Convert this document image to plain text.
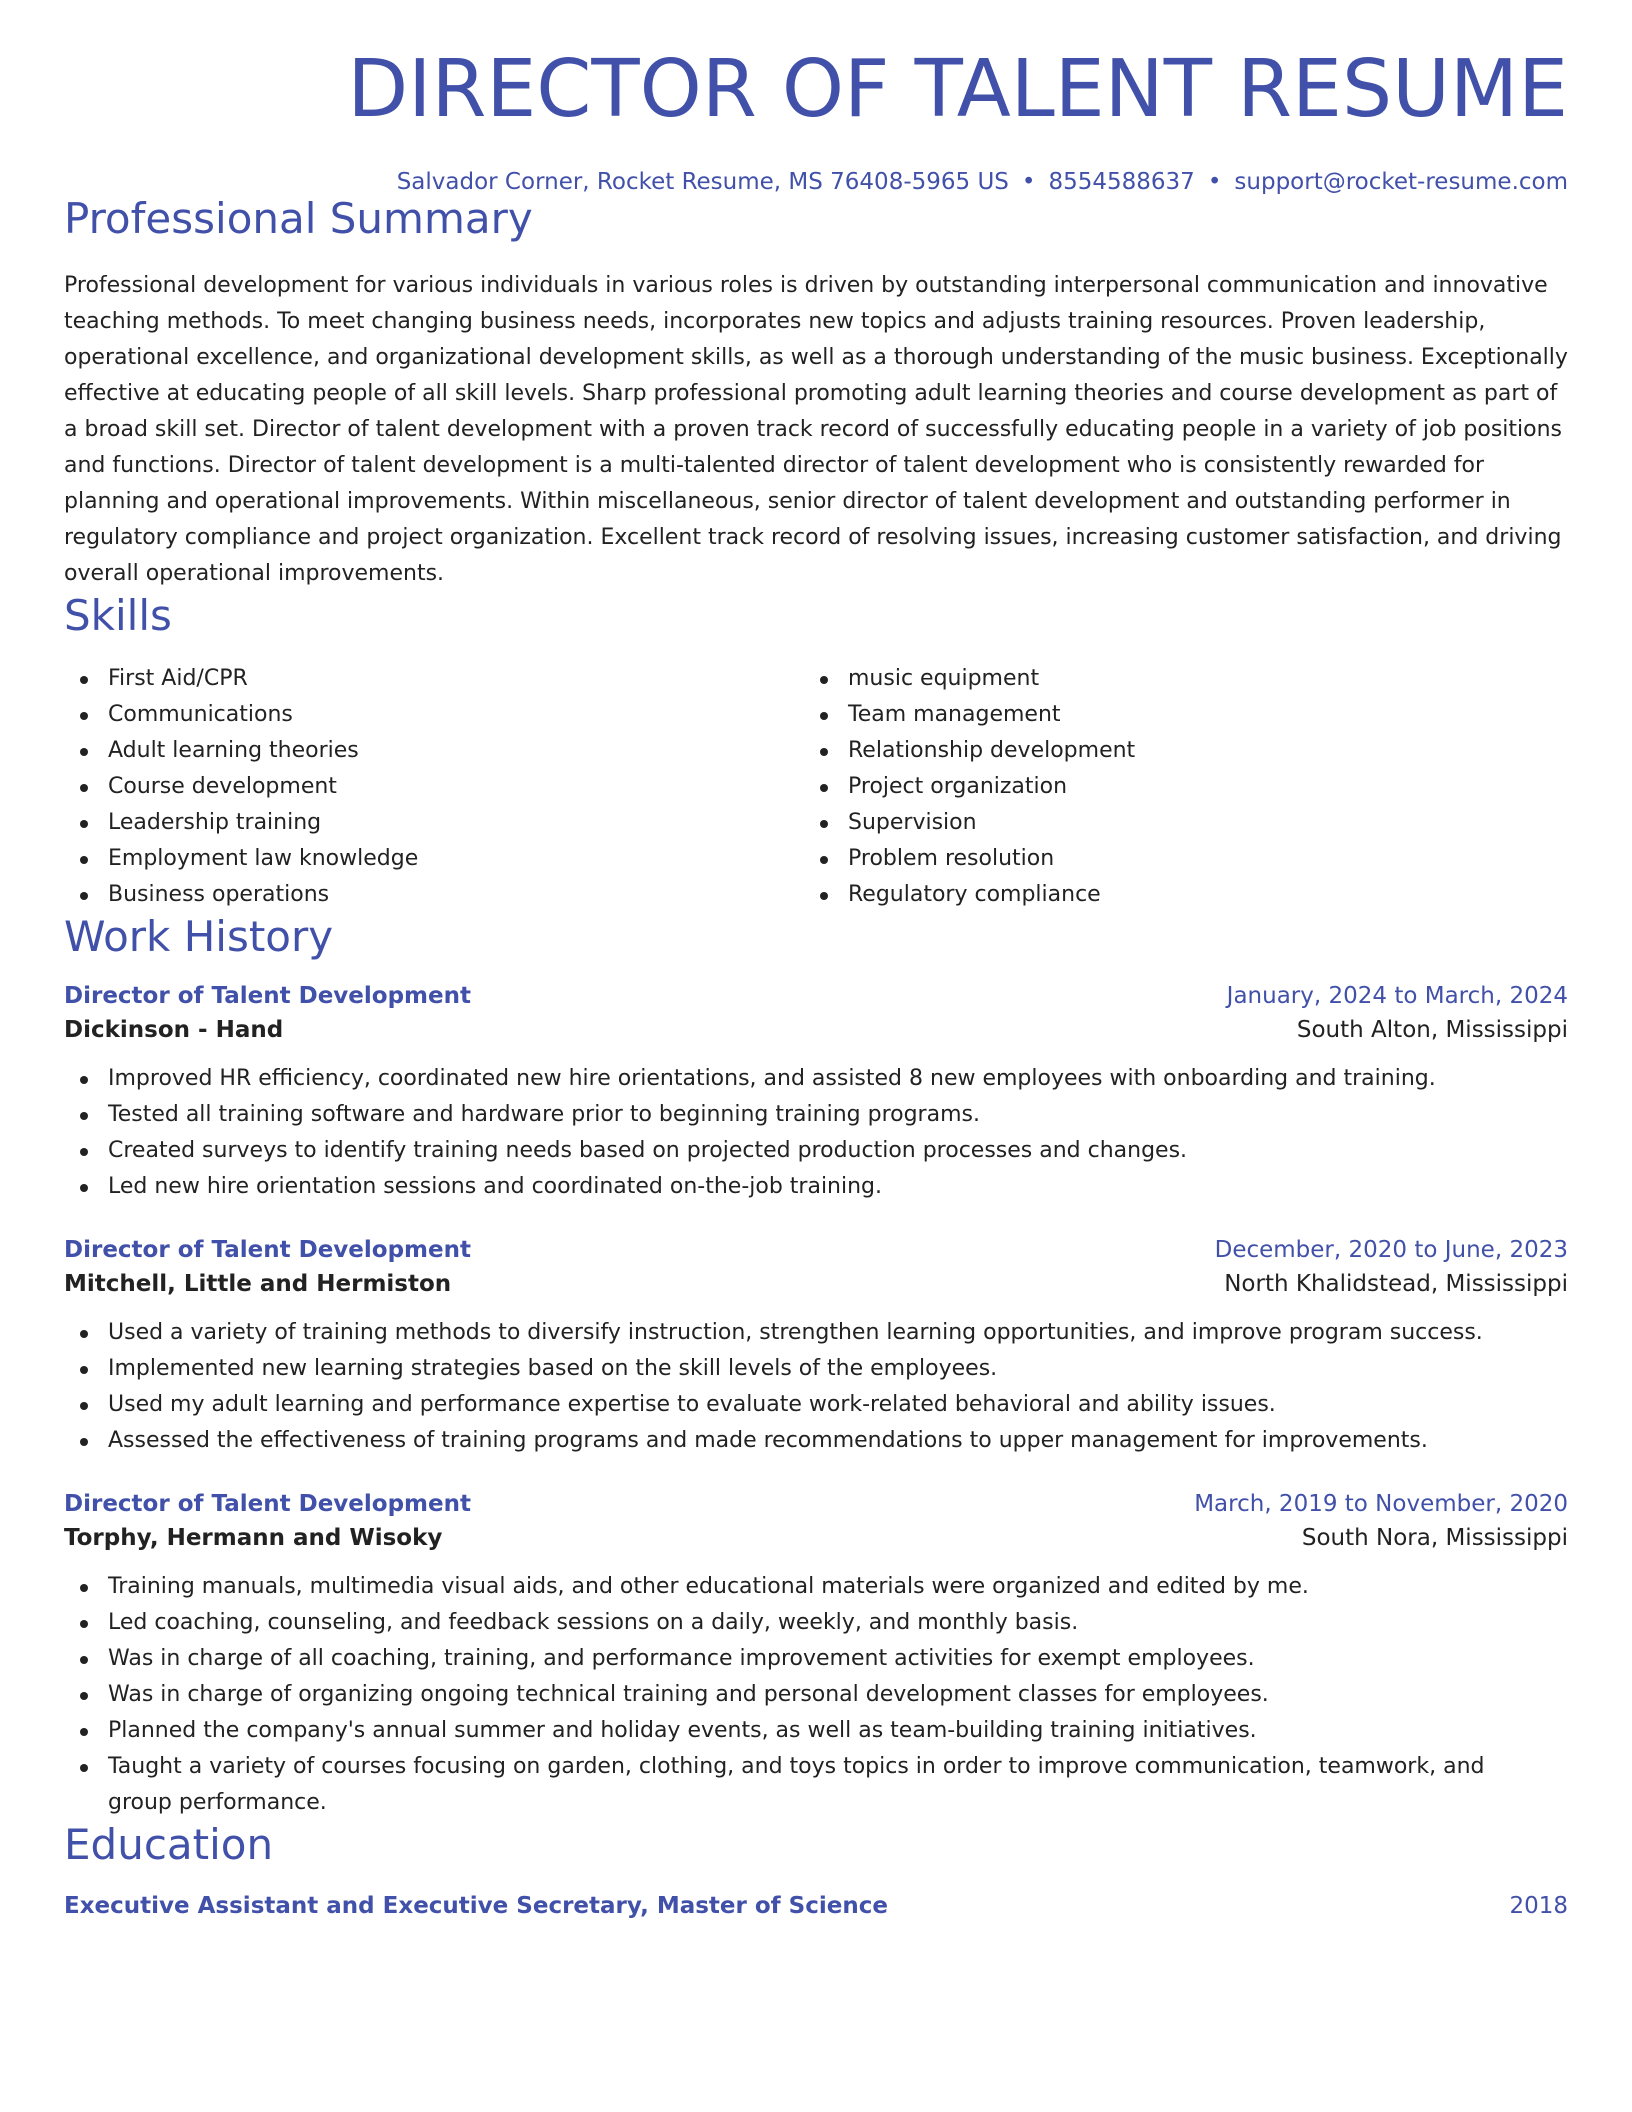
DIRECTOR OF TALENT RESUME
Salvador Corner, Rocket Resume, MS 76408-5965 US • 8554588637 • support@rocket-resume.com
Professional Summary

Professional development for various individuals in various roles is driven by outstanding interpersonal communication and innovative teaching methods. To meet changing business needs, incorporates new topics and adjusts training resources. Proven leadership, operational excellence, and organizational development skills, as well as a thorough understanding of the music business. Exceptionally effective at educating people of all skill levels. Sharp professional promoting adult learning theories and course development as part of a broad skill set. Director of talent development with a proven track record of successfully educating people in a variety of job positions and functions. Director of talent development is a multi-talented director of talent development who is consistently rewarded for planning and operational improvements. Within miscellaneous, senior director of talent development and outstanding performer in regulatory compliance and project organization. Excellent track record of resolving issues, increasing customer satisfaction, and driving overall operational improvements.

Skills
First Aid/CPR
Communications
Adult learning theories
Course development
Leadership training
Employment law knowledge
Business operations
music equipment
Team management
Relationship development
Project organization
Supervision
Problem resolution
Regulatory compliance
Work History
Director of Talent Development	January, 2024 to March, 2024
Dickinson - Hand	South Alton, Mississippi
Improved HR efficiency, coordinated new hire orientations, and assisted 8 new employees with onboarding and training.
Tested all training software and hardware prior to beginning training programs.
Created surveys to identify training needs based on projected production processes and changes.
Led new hire orientation sessions and coordinated on-the-job training.
Director of Talent Development	December, 2020 to June, 2023
Mitchell, Little and Hermiston	North Khalidstead, Mississippi
Used a variety of training methods to diversify instruction, strengthen learning opportunities, and improve program success.
Implemented new learning strategies based on the skill levels of the employees.
Used my adult learning and performance expertise to evaluate work-related behavioral and ability issues.
Assessed the effectiveness of training programs and made recommendations to upper management for improvements.
Director of Talent Development	March, 2019 to November, 2020
Torphy, Hermann and Wisoky	South Nora, Mississippi
Training manuals, multimedia visual aids, and other educational materials were organized and edited by me.
Led coaching, counseling, and feedback sessions on a daily, weekly, and monthly basis.
Was in charge of all coaching, training, and performance improvement activities for exempt employees.
Was in charge of organizing ongoing technical training and personal development classes for employees.
Planned the company's annual summer and holiday events, as well as team-building training initiatives.
Taught a variety of courses focusing on garden, clothing, and toys topics in order to improve communication, teamwork, and group performance.
Education
Executive Assistant and Executive Secretary, Master of Science	2018
